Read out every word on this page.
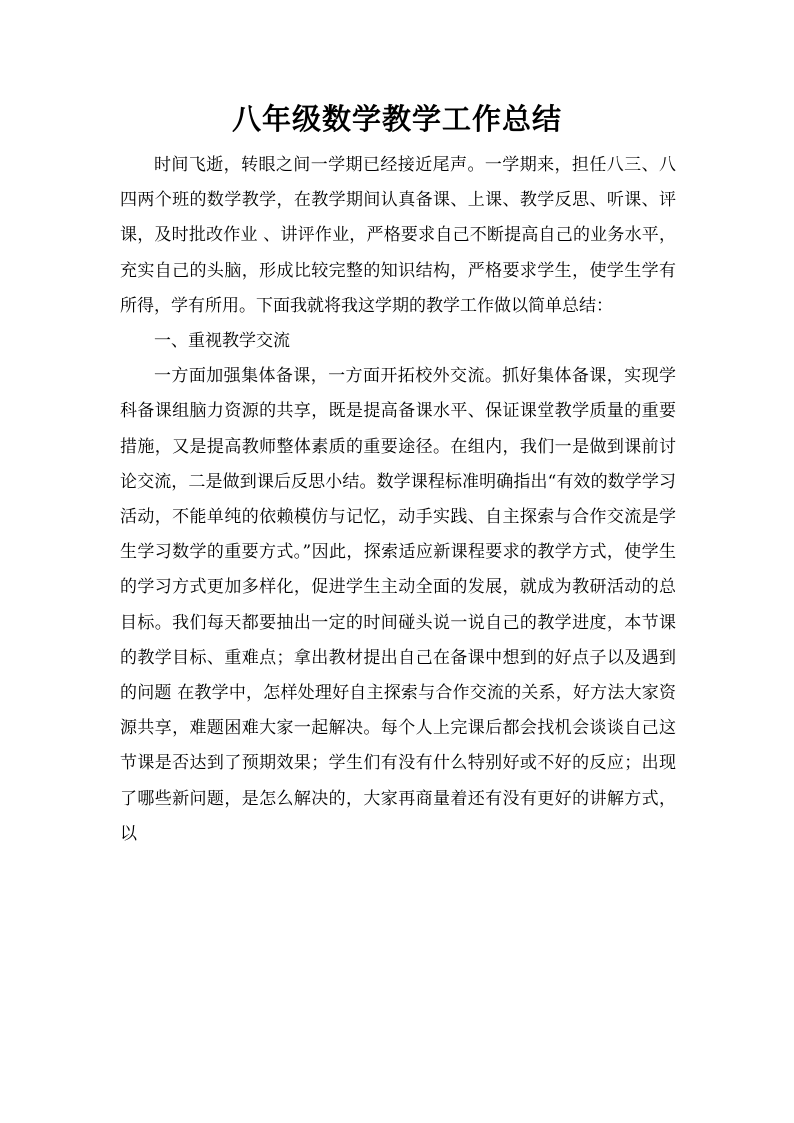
八年级数学教学工作总结

时间飞逝，转眼之间一学期已经接近尾声。一学期来，担任八三、八四两个班的数学教学，在教学期间认真备课、上课、教学反思、听课、评课，及时批改作业 、讲评作业，严格要求自己不断提高自己的业务水平，充实自己的头脑，形成比较完整的知识结构，严格要求学生，使学生学有所得，学有所用。下面我就将我这学期的教学工作做以简单总结：

一、重视教学交流

一方面加强集体备课，一方面开拓校外交流。抓好集体备课，实现学科备课组脑力资源的共享，既是提高备课水平、保证课堂教学质量的重要措施，又是提高教师整体素质的重要途径。在组内，我们一是做到课前讨论交流，二是做到课后反思小结。数学课程标准明确指出“有效的数学学习活动，不能单纯的依赖模仿与记忆，动手实践、自主探索与合作交流是学生学习数学的重要方式。”因此，探索适应新课程要求的教学方式，使学生的学习方式更加多样化，促进学生主动全面的发展，就成为教研活动的总目标。我们每天都要抽出一定的时间碰头说一说自己的教学进度，本节课的教学目标、重难点；拿出教材提出自己在备课中想到的好点子以及遇到的问题 在教学中，怎样处理好自主探索与合作交流的关系，好方法大家资源共享，难题困难大家一起解决。每个人上完课后都会找机会谈谈自己这节课是否达到了预期效果；学生们有没有什么特别好或不好的反应；出现了哪些新问题，是怎么解决的，大家再商量着还有没有更好的讲解方式，以
